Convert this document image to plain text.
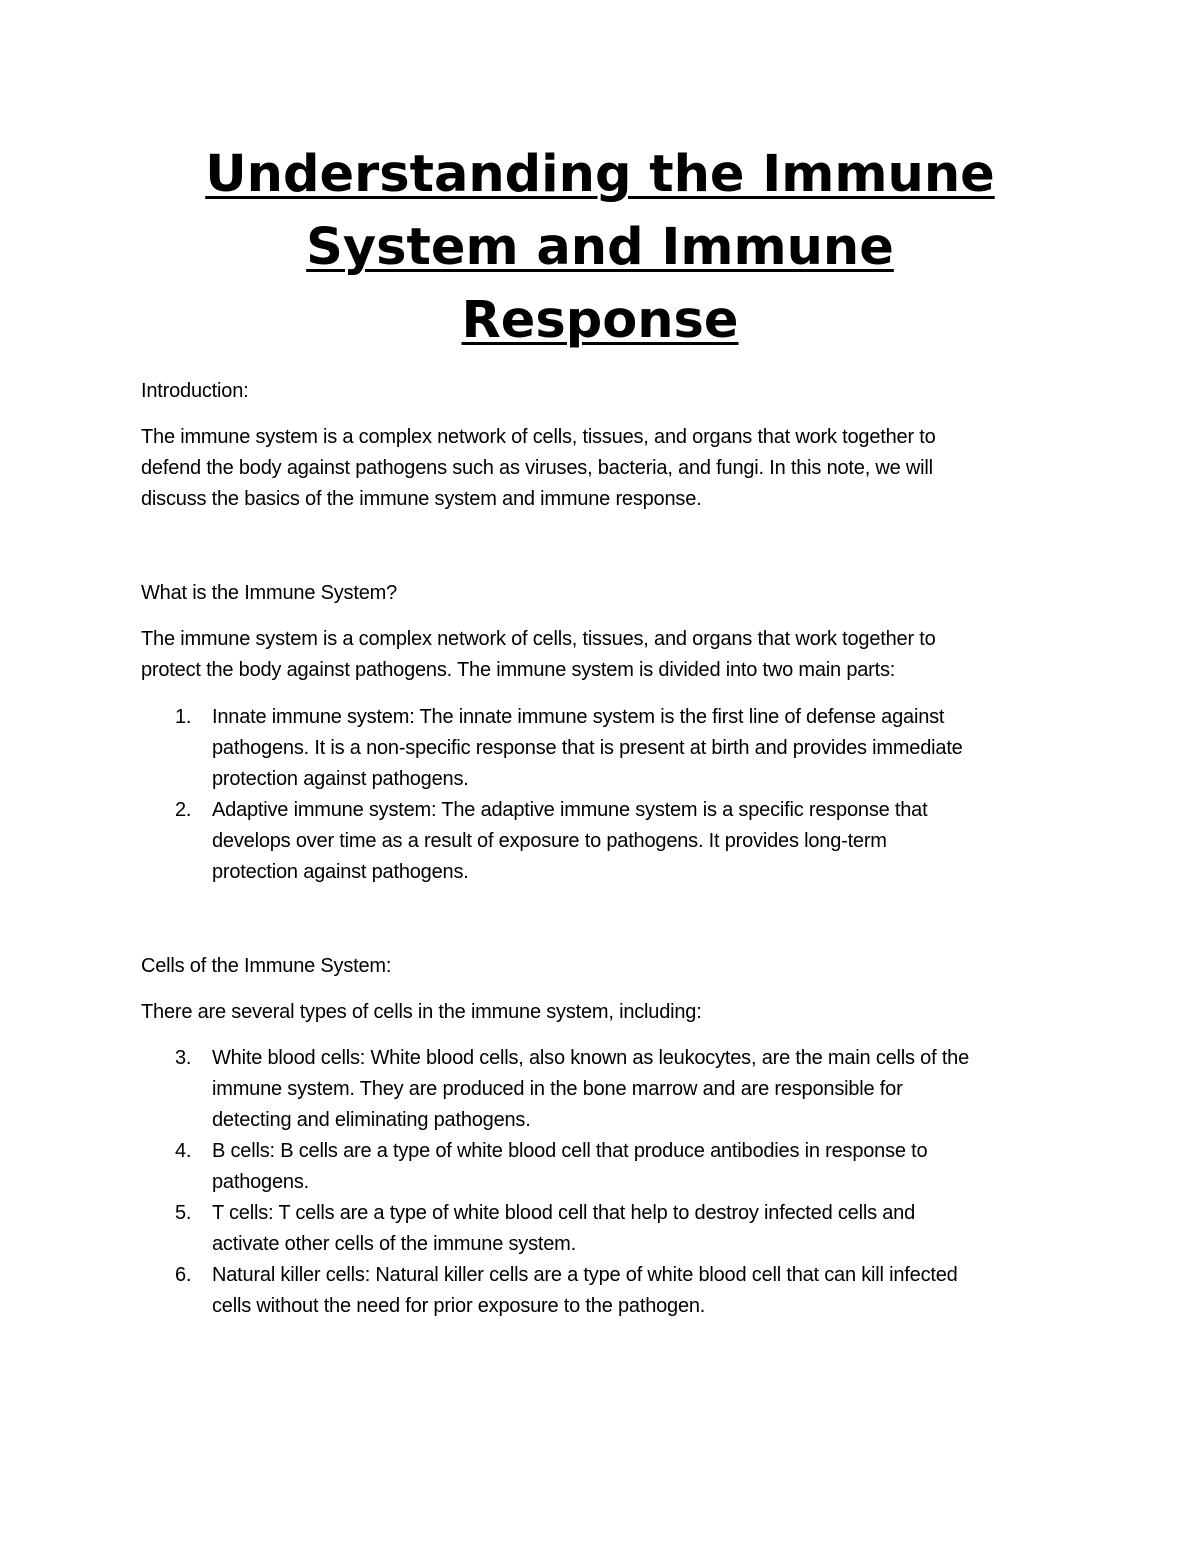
Understanding the Immune
System and Immune
Response

Introduction:

The immune system is a complex network of cells, tissues, and organs that work together to
defend the body against pathogens such as viruses, bacteria, and fungi. In this note, we will
discuss the basics of the immune system and immune response.

What is the Immune System?

The immune system is a complex network of cells, tissues, and organs that work together to
protect the body against pathogens. The immune system is divided into two main parts:

1. Innate immune system: The innate immune system is the first line of defense against
pathogens. It is a non-specific response that is present at birth and provides immediate
protection against pathogens.
2. Adaptive immune system: The adaptive immune system is a specific response that
develops over time as a result of exposure to pathogens. It provides long-term
protection against pathogens.

Cells of the Immune System:

There are several types of cells in the immune system, including:

3. White blood cells: White blood cells, also known as leukocytes, are the main cells of the
immune system. They are produced in the bone marrow and are responsible for
detecting and eliminating pathogens.
4. B cells: B cells are a type of white blood cell that produce antibodies in response to
pathogens.
5. T cells: T cells are a type of white blood cell that help to destroy infected cells and
activate other cells of the immune system.
6. Natural killer cells: Natural killer cells are a type of white blood cell that can kill infected
cells without the need for prior exposure to the pathogen.
